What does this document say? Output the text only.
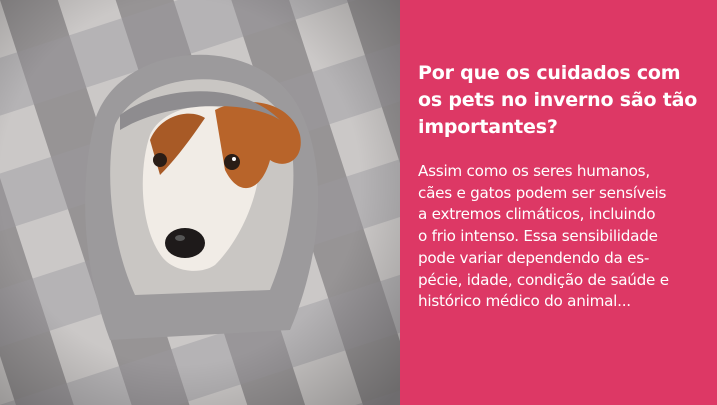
Por que os cuidados com os pets no inverno são tão importantes?

Assim como os seres humanos,
cães e gatos podem ser sensíveis
a extremos climáticos, incluindo
o frio intenso. Essa sensibilidade
pode variar dependendo da es-
pécie, idade, condição de saúde e
histórico médico do animal...
